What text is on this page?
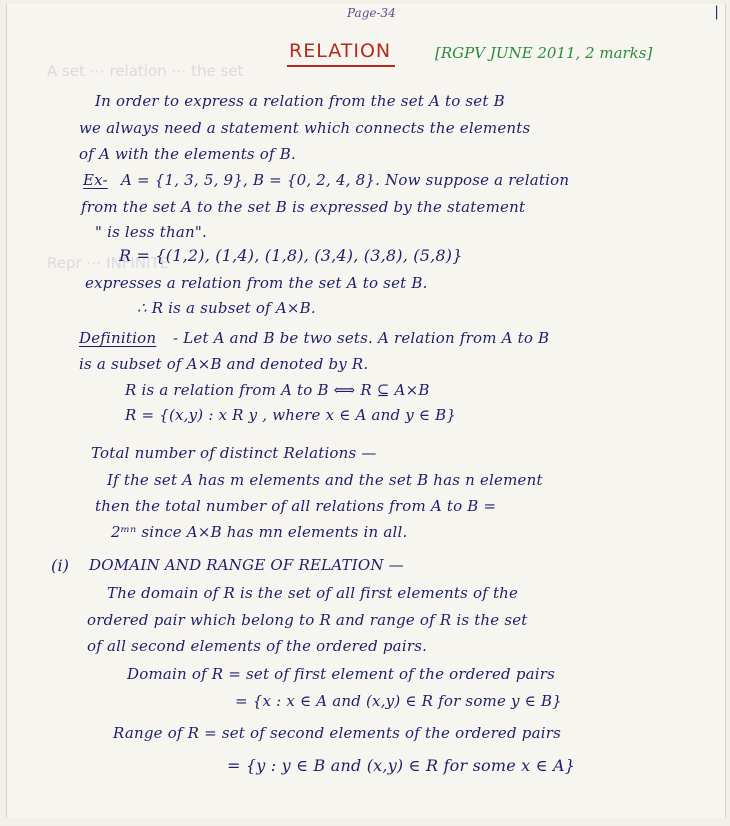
A set ⋯ relation ⋯ the set
Repr ⋯ INFINITE
Page-34	|
RELATION	[RGPV JUNE 2011, 2 marks]
In order to express a relation from the set A to set B
we always need a statement which connects the elements
of A with the elements of B.
Ex- A = {1, 3, 5, 9}, B = {0, 2, 4, 8}. Now suppose a relation
from the set A to the set B is expressed by the statement
" is less than".
R = {(1,2), (1,4), (1,8), (3,4), (3,8), (5,8)}
expresses a relation from the set A to set B.
∴ R is a subset of A×B.
Definition - Let A and B be two sets. A relation from A to B
is a subset of A×B and denoted by R.
R is a relation from A to B ⟺ R ⊆ A×B
R = {(x,y) : x R y , where x ∈ A and y ∈ B}
Total number of distinct Relations —
If the set A has m elements and the set B has n element
then the total number of all relations from A to B =
2ᵐⁿ since A×B has mn elements in all.
(i) DOMAIN AND RANGE OF RELATION —
The domain of R is the set of all first elements of the
ordered pair which belong to R and range of R is the set
of all second elements of the ordered pairs.
Domain of R = set of first element of the ordered pairs
= {x : x ∈ A and (x,y) ∈ R for some y ∈ B}
Range of R = set of second elements of the ordered pairs
= {y : y ∈ B and (x,y) ∈ R for some x ∈ A}
